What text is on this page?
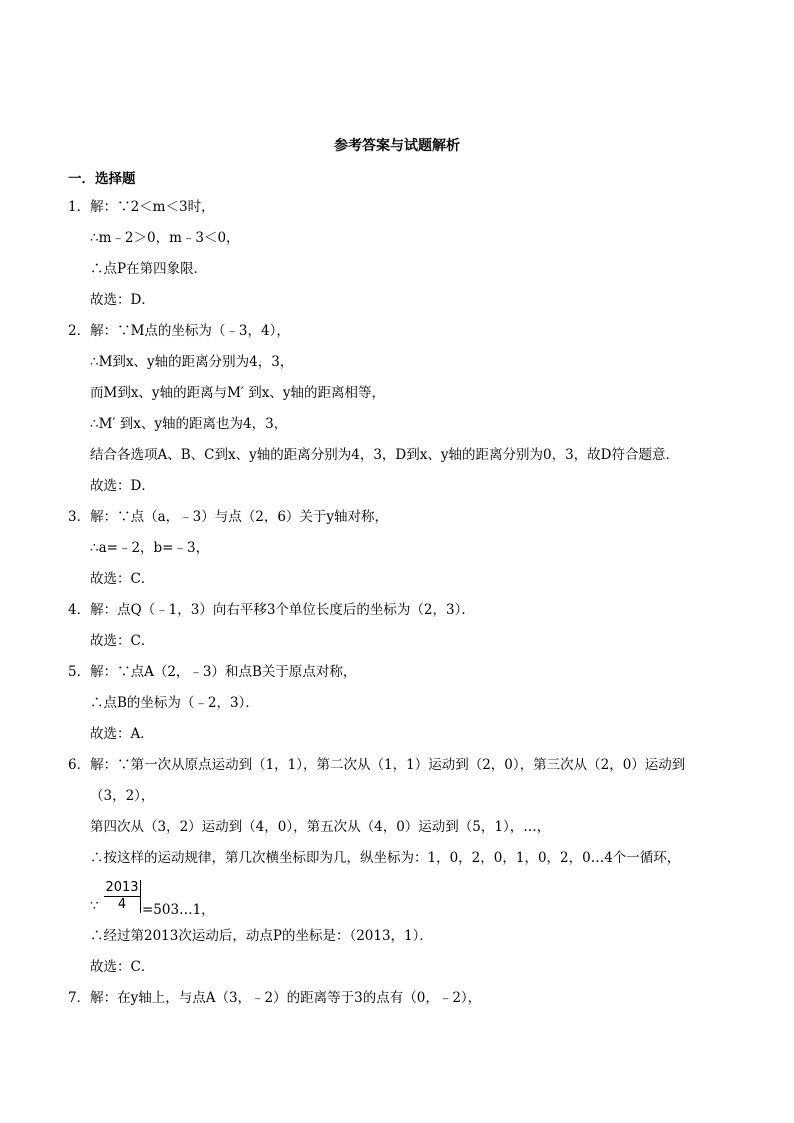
参考答案与试题解析
一．选择题
1．解：∵2＜m＜3时，
∴m﹣2＞0，m﹣3＜0，
∴点P在第四象限．
故选：D．
2．解：∵M点的坐标为（﹣3，4），
∴M到x、y轴的距离分别为4，3，
而M到x、y轴的距离与M′ 到x、y轴的距离相等，
∴M′ 到x、y轴的距离也为4，3，
结合各选项A、B、C到x、y轴的距离分别为4，3，D到x、y轴的距离分别为0，3，故D符合题意．
故选：D．
3．解：∵点（a，﹣3）与点（2，6）关于y轴对称，
∴a=﹣2，b=﹣3，
故选：C．
4．解：点Q（﹣1，3）向右平移3个单位长度后的坐标为（2，3）．
故选：C．
5．解：∵点A（2，﹣3）和点B关于原点对称，
∴点B的坐标为（﹣2，3）．
故选：A．
6．解：∵第一次从原点运动到（1，1），第二次从（1，1）运动到（2，0），第三次从（2，0）运动到
（3，2），
第四次从（3，2）运动到（4，0），第五次从（4，0）运动到（5，1），…，
∴按这样的运动规律，第几次横坐标即为几，纵坐标为：1，0，2，0，1，0，2，0…4个一循环，
∵
2013
4	=503…1，
∴经过第2013次运动后，动点P的坐标是：（2013，1）．
故选：C．
7．解：在y轴上，与点A（3，﹣2）的距离等于3的点有（0，﹣2），
